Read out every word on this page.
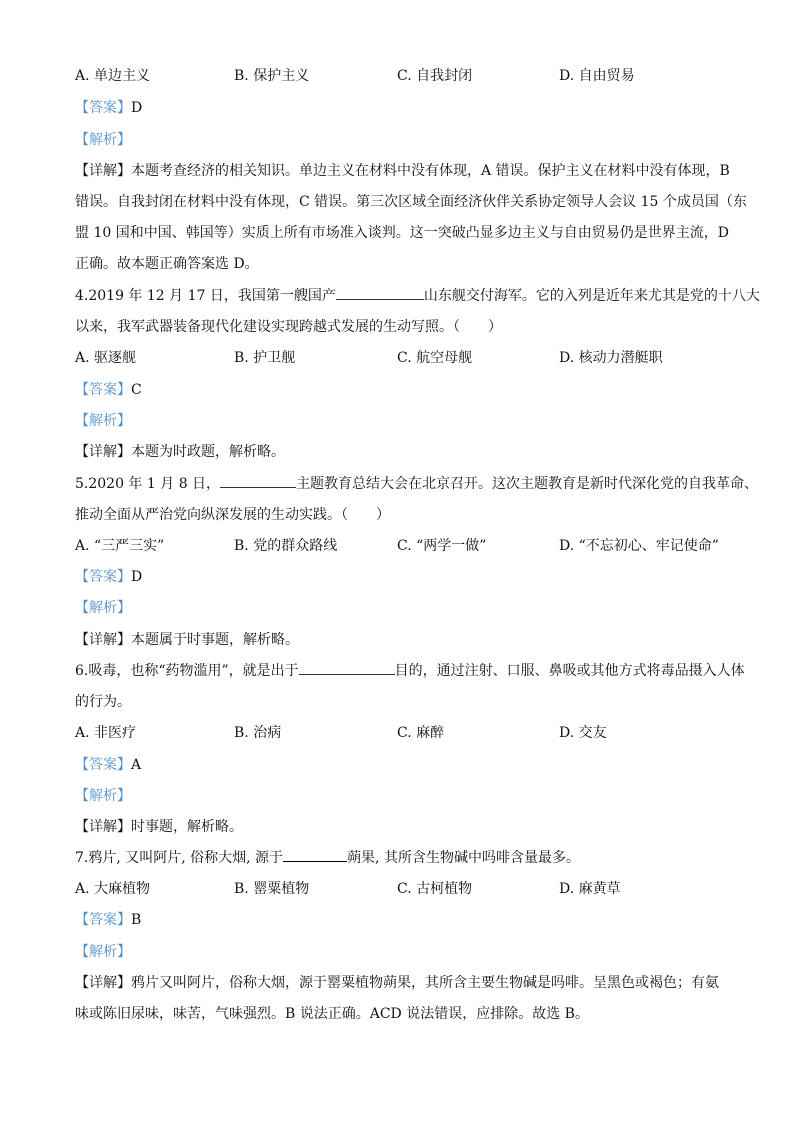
A. 单边主义	B. 保护主义	C. 自我封闭	D. 自由贸易
【答案】D
【解析】
【详解】本题考查经济的相关知识。单边主义在材料中没有体现，A 错误。保护主义在材料中没有体现，B
错误。自我封闭在材料中没有体现，C 错误。第三次区域全面经济伙伴关系协定领导人会议 15 个成员国（东
盟 10 国和中国、韩国等）实质上所有市场准入谈判。这一突破凸显多边主义与自由贸易仍是世界主流，D
正确。故本题正确答案选 D。
4.2019 年 12 月 17 日，我国第一艘国产	山东舰交付海军。它的入列是近年来尤其是党的十八大
以来，我军武器装备现代化建设实现跨越式发展的生动写照。（　　）
A. 驱逐舰	B. 护卫舰	C. 航空母舰	D. 核动力潜艇职
【答案】C
【解析】
【详解】本题为时政题，解析略。
5.2020 年 1 月 8 日，	主题教育总结大会在北京召开。这次主题教育是新时代深化党的自我革命、
推动全面从严治党向纵深发展的生动实践。（　　）
A. “三严三实”	B. 党的群众路线	C. “两学一做”	D. “不忘初心、牢记使命”
【答案】D
【解析】
【详解】本题属于时事题，解析略。
6.吸毒，也称“药物滥用”，就是出于	目的，通过注射、口服、鼻吸或其他方式将毒品摄入人体
的行为。
A. 非医疗	B. 治病	C. 麻醉	D. 交友
【答案】A
【解析】
【详解】时事题，解析略。
7.鸦片, 又叫阿片, 俗称大烟, 源于	蒴果, 其所含生物碱中吗啡含量最多。
A. 大麻植物	B. 罂粟植物	C. 古柯植物	D. 麻黄草
【答案】B
【解析】
【详解】鸦片又叫阿片，俗称大烟，源于罂粟植物蒴果，其所含主要生物碱是吗啡。呈黑色或褐色；有氨
味或陈旧尿味，味苦，气味强烈。B 说法正确。ACD 说法错误，应排除。故选 B。
